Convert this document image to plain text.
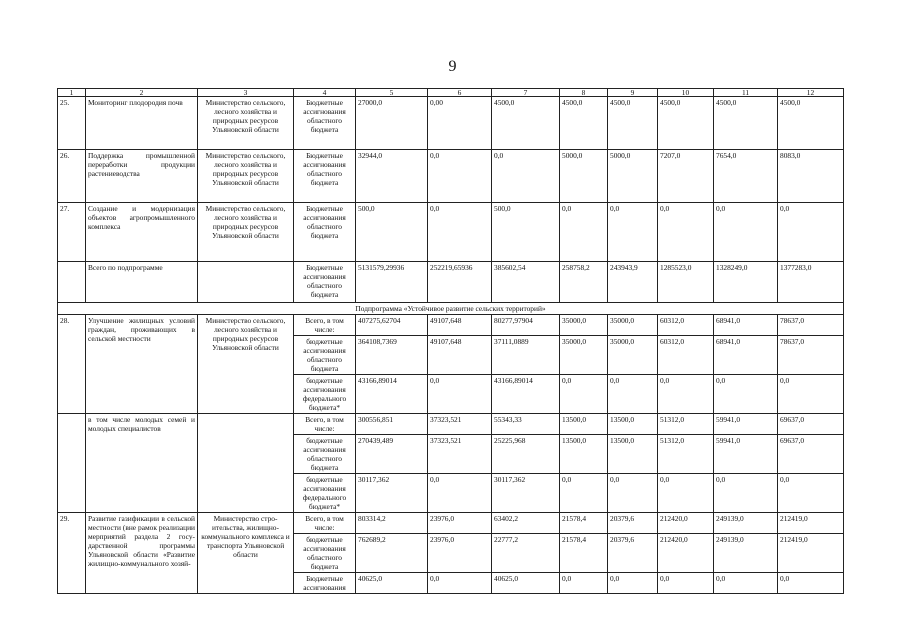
9
1	2	3	4	5	6	7	8	9	10	11	12
25.	Мониторинг плодородия почв	Министерство сельского, лесного хозяйства и природных ресурсов Ульяновской области	Бюджетные ассигнования областного бюджета	27000,0	0,00	4500,0	4500,0	4500,0	4500,0	4500,0	4500,0
26.	Поддержка промышленной переработки продукции растениеводства	Министерство сельского, лесного хозяйства и природных ресурсов Ульяновской области	Бюджетные ассигнования областного бюджета	32944,0	0,0	0,0	5000,0	5000,0	7207,0	7654,0	8083,0
27.	Создание и модернизация объектов агропромышленного комплекса	Министерство сельского, лесного хозяйства и природных ресурсов Ульяновской области	Бюджетные ассигнования областного бюджета	500,0	0,0	500,0	0,0	0,0	0,0	0,0	0,0
	Всего по подпрограмме		Бюджетные ассигнования областного бюджета	5131579,29936	252219,65936	385602,54	258758,2	243943,9	1285523,0	1328249,0	1377283,0
Подпрограмма «Устойчивое развитие сельских территорий»											
28.	Улучшение жилищных условий граждан, проживающих в сельской местности	Министерство сельского, лесного хозяйства и природных ресурсов Ульяновской области	Всего, в том числе:	407275,62704	49107,648	80277,97904	35000,0	35000,0	60312,0	68941,0	78637,0
			бюджетные ассигнования областного бюджета	364108,7369	49107,648	37111,0889	35000,0	35000,0	60312,0	68941,0	78637,0
			бюджетные ассигнования федерального бюджета*	43166,89014	0,0	43166,89014	0,0	0,0	0,0	0,0	0,0
	в том числе молодых семей и молодых специалистов		Всего, в том числе:	300556,851	37323,521	55343,33	13500,0	13500,0	51312,0	59941,0	69637,0
			бюджетные ассигнования областного бюджета	270439,489	37323,521	25225,968	13500,0	13500,0	51312,0	59941,0	69637,0
			бюджетные ассигнования федерального бюджета*	30117,362	0,0	30117,362	0,0	0,0	0,0	0,0	0,0
29.	Развитие газификации в сельской местности (вне рамок реализации мерприятий раздела 2 государственной программы Ульяновской области «Развитие жилищно-коммунального хозяй-	Министерство строительства, жилищно-коммунального комплекса и транспорта Ульяновской области	Всего, в том числе:	803314,2	23976,0	63402,2	21578,4	20379,6	212420,0	249139,0	212419,0
			бюджетные ассигнования областного бюджета	762689,2	23976,0	22777,2	21578,4	20379,6	212420,0	249139,0	212419,0
			Бюджетные ассигнования	40625,0	0,0	40625,0	0,0	0,0	0,0	0,0	0,0
